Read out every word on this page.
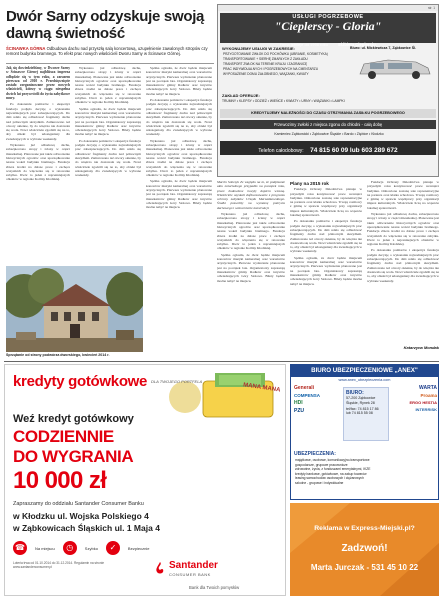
Dwór Sarny odzyskuje swoją dawną świetność
ŚCINAWKA GÓRNA Odbudowa dachu nad przyszłą salą koncertową, uzupełnienie zawalonych stropów czy remont budynku bramnego. To efekt prac nowych właścicieli Dworu Sarny w Ścinawce Górnej.

Jak się dowiedzieliśmy, w Dworze Sarny w Ścinawce Górnej najbliższa impreza odbędzie się w tym roku, a zarazem pierwsza od 2010 r. Przedsięwzięcie zostało zorganizowane przez nowych właścicieli, którzy w ciągu niespełna dwóch lat przywrócili do życia zabytkowe mury.

Po dokonaniu pomiarów i ekspertyz fundacja podjęła decyzję o wykonaniu najważniejszych prac zabezpieczających. Do dziś udało się odbudować fragmenty dachu nad północnym skrzydłem. Zamurowano też otwory okienne, by do wnętrza nie dostawała się woda. Nowi właściciele zgodzili się na to, aby obiekt był udostępniany dla zwiedzających w wybrane weekendy.

Wykonano już odbudowę dachu, zabezpieczono stropy i ściany w części mieszkalnej. Planowane jest także odtworzenie historycznych ogrodów oraz uporządkowanie terenu wokół budynku bramnego. Fundacja zbiera środki na dalsze prace i zachęca wszystkich do włączenia się w ratowanie zabytku. Dwór to jeden z najcenniejszych obiektów w regionie Kotliny Kłodzkiej.

Wykonano już odbudowę dachu, zabezpieczono stropy i ściany w części mieszkalnej. Planowane jest także odtworzenie historycznych ogrodów oraz uporządkowanie terenu wokół budynku bramnego. Fundacja zbiera środki na dalsze prace i zachęca wszystkich do włączenia się w ratowanie zabytku. Dwór to jeden z najcenniejszych obiektów w regionie Kotliny Kłodzkiej.

Spółka ogłosiła, że dwór będzie miejscem koncertów muzyki kameralnej oraz warsztatów artystycznych. Pierwsze wydarzenie planowane jest na początek lata. Organizatorzy zapraszają mieszkańców gminy Radków oraz turystów odwiedzających Góry Stołowe. Bilety będzie można nabyć na miejscu.

Po dokonaniu pomiarów i ekspertyz fundacja podjęła decyzję o wykonaniu najważniejszych prac zabezpieczających. Do dziś udało się odbudować fragmenty dachu nad północnym skrzydłem. Zamurowano też otwory okienne, by do wnętrza nie dostawała się woda. Nowi właściciele zgodzili się na to, aby obiekt był udostępniany dla zwiedzających w wybrane weekendy.

Spółka ogłosiła, że dwór będzie miejscem koncertów muzyki kameralnej oraz warsztatów artystycznych. Pierwsze wydarzenie planowane jest na początek lata. Organizatorzy zapraszają mieszkańców gminy Radków oraz turystów odwiedzających Góry Stołowe. Bilety będzie można nabyć na miejscu.

Po dokonaniu pomiarów i ekspertyz fundacja podjęła decyzję o wykonaniu najważniejszych prac zabezpieczających. Do dziś udało się odbudować fragmenty dachu nad północnym skrzydłem. Zamurowano też otwory okienne, by do wnętrza nie dostawała się woda. Nowi właściciele zgodzili się na to, aby obiekt był udostępniany dla zwiedzających w wybrane weekendy.

Wykonano już odbudowę dachu, zabezpieczono stropy i ściany w części mieszkalnej. Planowane jest także odtworzenie historycznych ogrodów oraz uporządkowanie terenu wokół budynku bramnego. Fundacja zbiera środki na dalsze prace i zachęca wszystkich do włączenia się w ratowanie zabytku. Dwór to jeden z najcenniejszych obiektów w regionie Kotliny Kłodzkiej.

Spółka ogłosiła, że dwór będzie miejscem koncertów muzyki kameralnej oraz warsztatów artystycznych. Pierwsze wydarzenie planowane jest na początek lata. Organizatorzy zapraszają mieszkańców gminy Radków oraz turystów odwiedzających Góry Stołowe. Bilety będzie można nabyć na miejscu.

Sprzątanie od strony podwórza dworskiego, kwiecień 2014 r.
str. 1
USŁUGI POGRZEBOWE
"Cieplerscy - Gloria"
Firma istnieje od 1998 roku Elżbieta Cieplerska
WYKONUJEMY USŁUGI W ZAKRESIE:
PRZYGOTOWANIE ZWŁOK DO POCHÓWKU (UBRANIE, KOSMETYKA)
TRANSPORTOWANIE + SIERHĘ ZMARŁYCH Z ZAKŁADU
TRANSPORT ZWŁOK NA TERENIE KRAJU I ZAGRANICĘ
PRAC INDYWIDUALNYCH I POGRZEBOWYCH NA CMENTARZU
WYPOSAŻENIE DOMU ŻAŁOBNEGO, WIĄZANKI, KWIATY
Biuro: ul. Mickiewicza 7, Ząbkowice Śl.
ZAKŁAD OFERUJE:
TRUMNY • KLEPSY • ODZIEŻ • WIEŃCE • KWIATY • URNY • WIĄZANKI • LAMPKI
KREDYTUJEMY NALEŻNOŚCI DO CZASU OTRZYMANIA ZASIŁKU POGRZEBOWEGO
Przewozimy zwłoki z miejsca zgonu do chłodni - całą dobę
Kamieniec Ząbkowicki • Ząbkowice Śląskie • Bardo • Ziębice • Kłodzko
Telefon całodobowy: 74 815 60 09 lub 603 289 672

Marcin Sobczyk Ze względu na to, że podpisanie aktu notarialnego przypadło na początek roku, prace budowlane ruszyły dopiero wiosną. Właściciele uzyskali dofinansowanie z programu ochrony zabytków Urzędu Marszałkowskiego. Środki pozwoliły na wymianę pokrycia dachowego i wzmocnienie konstrukcji.

Wykonano już odbudowę dachu, zabezpieczono stropy i ściany w części mieszkalnej. Planowane jest także odtworzenie historycznych ogrodów oraz uporządkowanie terenu wokół budynku bramnego. Fundacja zbiera środki na dalsze prace i zachęca wszystkich do włączenia się w ratowanie zabytku. Dwór to jeden z najcenniejszych obiektów w regionie Kotliny Kłodzkiej.

Spółka ogłosiła, że dwór będzie miejscem koncertów muzyki kameralnej oraz warsztatów artystycznych. Pierwsze wydarzenie planowane jest na początek lata. Organizatorzy zapraszają mieszkańców gminy Radków oraz turystów odwiedzających Góry Stołowe. Bilety będzie można nabyć na miejscu.

Plany na 2015 rok

Fundacja Ochrony Dziedzictwa planuje w przyszłym roku kontynuować prace wewnątrz budynku. Odnowione zostaną sale reprezentacyjne na parterze oraz klatka schodowa. Trwają rozmowy z gminą w sprawie współpracy przy organizacji imprez kulturalnych. Właściciele liczą na wsparcie lokalnej społeczności.

Po dokonaniu pomiarów i ekspertyz fundacja podjęła decyzję o wykonaniu najważniejszych prac zabezpieczających. Do dziś udało się odbudować fragmenty dachu nad północnym skrzydłem. Zamurowano też otwory okienne, by do wnętrza nie dostawała się woda. Nowi właściciele zgodzili się na to, aby obiekt był udostępniany dla zwiedzających w wybrane weekendy.

Spółka ogłosiła, że dwór będzie miejscem koncertów muzyki kameralnej oraz warsztatów artystycznych. Pierwsze wydarzenie planowane jest na początek lata. Organizatorzy zapraszają mieszkańców gminy Radków oraz turystów odwiedzających Góry Stołowe. Bilety będzie można nabyć na miejscu.

Fundacja Ochrony Dziedzictwa planuje w przyszłym roku kontynuować prace wewnątrz budynku. Odnowione zostaną sale reprezentacyjne na parterze oraz klatka schodowa. Trwają rozmowy z gminą w sprawie współpracy przy organizacji imprez kulturalnych. Właściciele liczą na wsparcie lokalnej społeczności.

Wykonano już odbudowę dachu, zabezpieczono stropy i ściany w części mieszkalnej. Planowane jest także odtworzenie historycznych ogrodów oraz uporządkowanie terenu wokół budynku bramnego. Fundacja zbiera środki na dalsze prace i zachęca wszystkich do włączenia się w ratowanie zabytku. Dwór to jeden z najcenniejszych obiektów w regionie Kotliny Kłodzkiej.

Po dokonaniu pomiarów i ekspertyz fundacja podjęła decyzję o wykonaniu najważniejszych prac zabezpieczających. Do dziś udało się odbudować fragmenty dachu nad północnym skrzydłem. Zamurowano też otwory okienne, by do wnętrza nie dostawała się woda. Nowi właściciele zgodzili się na to, aby obiekt był udostępniany dla zwiedzających w wybrane weekendy.

Katarzyna Mondak
kredyty gotówkowe DLA TWOJEGO PORTFELA
MANA MANA
Weź kredyt gotówkowy
CODZIENNIE
DO WYGRANIA
10 000 zł
Zapraszamy do oddziału Santander Consumer Banku
w Kłodzku ul. Wojska Polskiego 4
w Ząbkowicach Śląskich ul. 1 Maja 4
☎	Na miejscu	◷	Szybko	✓	Bezpiecznie
Loteria trwa od 01.10.2014 do 31.12.2014. Regulamin na stronie www.santanderconsumer.pl	Santander
CONSUMER BANK
Bank dla Twoich pomysłów
BIURO UBEZPIECZENIOWE „ANEX"
www.anex_ubezpieczenia.com
Generali
COMPENSA
HDI
PZU
WARTA
Proama
ERGO HESTIA
INTERRISK
BIURO:
57-200 Ząbkowice Śląskie, Rynek 28
tel/fax: 74 815 17 86
lub 74 815 55 08
UBEZPIECZENIA:
majątkowe, osobowe, komunikacyjno-transportowe
gospodarcze, grupowe pracownicze
zdrowotne, życia, z funduszami emerytalnymi, IKZE
kredyty bankowe, gotówkowe, na zakup towarów
leasing samochodów osobowych i ciężarowych
szkolne - grupowe i indywidualne
Reklama w Express-Miejski.pl?
Zadzwoń!
Marta Jurczak - 531 45 10 22
